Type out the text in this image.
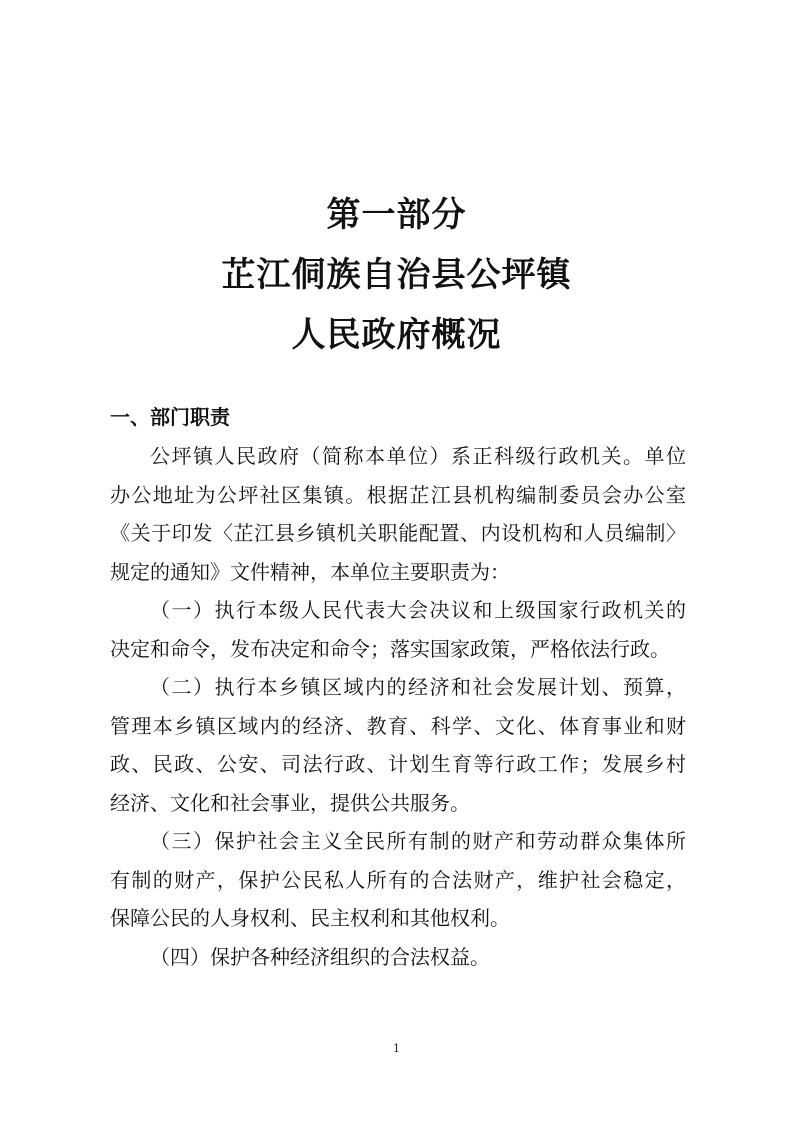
第一部分
芷江侗族自治县公坪镇
人民政府概况
一、部门职责
公坪镇人民政府（简称本单位）系正科级行政机关。单位
办公地址为公坪社区集镇。根据芷江县机构编制委员会办公室
《关于印发〈芷江县乡镇机关职能配置、内设机构和人员编制〉
规定的通知》文件精神，本单位主要职责为：
（一）执行本级人民代表大会决议和上级国家行政机关的
决定和命令，发布决定和命令；落实国家政策，严格依法行政。
（二）执行本乡镇区域内的经济和社会发展计划、预算，
管理本乡镇区域内的经济、教育、科学、文化、体育事业和财
政、民政、公安、司法行政、计划生育等行政工作；发展乡村
经济、文化和社会事业，提供公共服务。
（三）保护社会主义全民所有制的财产和劳动群众集体所
有制的财产，保护公民私人所有的合法财产，维护社会稳定，
保障公民的人身权利、民主权利和其他权利。
（四）保护各种经济组织的合法权益。
1
